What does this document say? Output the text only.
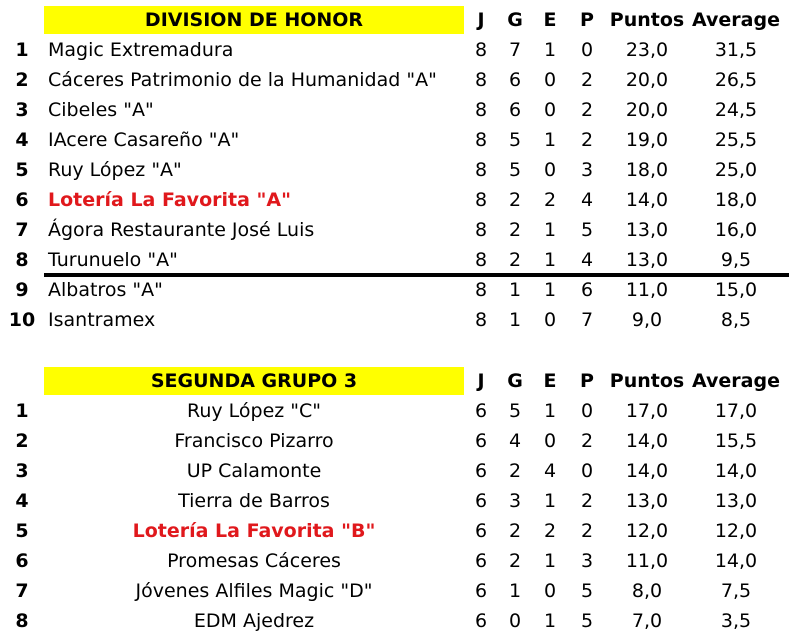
DIVISION DE HONOR	J	G	E	P Puntos Average
1	Magic Extremadura	8	7	1	0	23,0	31,5
2	Cáceres Patrimonio de la Humanidad "A"	8	6	0	2	20,0	26,5
3	Cibeles "A"	8	6	0	2	20,0	24,5
4	IAcere Casareño "A"	8	5	1	2	19,0	25,5
5	Ruy López "A"	8	5	0	3	18,0	25,0
6	Lotería La Favorita "A"	8	2	2	4	14,0	18,0
7	Ágora Restaurante José Luis	8	2	1	5	13,0	16,0
8	Turunuelo "A"	8	2	1	4	13,0	9,5
9	Albatros "A"	8	1	1	6	11,0	15,0
10 Isantramex	8	1	0	7	9,0	8,5
SEGUNDA GRUPO 3	J	G	E	P Puntos Average
1	Ruy López "C"	6	5	1	0	17,0	17,0
2	Francisco Pizarro	6	4	0	2	14,0	15,5
3	UP Calamonte	6	2	4	0	14,0	14,0
4	Tierra de Barros	6	3	1	2	13,0	13,0
5	Lotería La Favorita "B"	6	2	2	2	12,0	12,0
6	Promesas Cáceres	6	2	1	3	11,0	14,0
7	Jóvenes Alfiles Magic "D"	6	1	0	5	8,0	7,5
8	EDM Ajedrez	6	0	1	5	7,0	3,5
